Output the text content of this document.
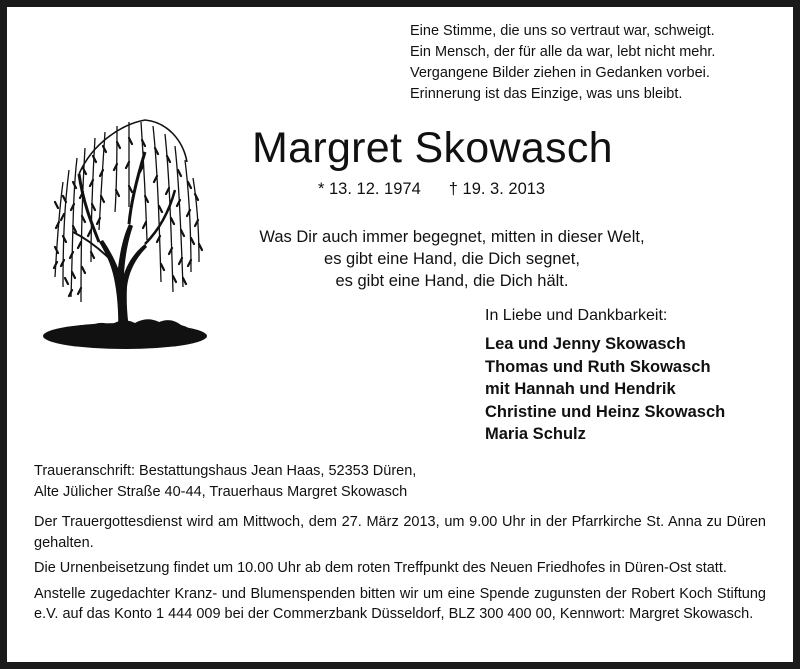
Eine Stimme, die uns so vertraut war, schweigt.
Ein Mensch, der für alle da war, lebt nicht mehr.
Vergangene Bilder ziehen in Gedanken vorbei.
Erinnerung ist das Einzige, was uns bleibt.
Margret Skowasch
* 13. 12. 1974 † 19. 3. 2013
Was Dir auch immer begegnet, mitten in dieser Welt,
es gibt eine Hand, die Dich segnet,
es gibt eine Hand, die Dich hält.
In Liebe und Dankbarkeit:
Lea und Jenny Skowasch
Thomas und Ruth Skowasch
mit Hannah und Hendrik
Christine und Heinz Skowasch
Maria Schulz
Traueranschrift: Bestattungshaus Jean Haas, 52353 Düren,
Alte Jülicher Straße 40-44, Trauerhaus Margret Skowasch

Der Trauergottesdienst wird am Mittwoch, dem 27. März 2013, um 9.00 Uhr in der Pfarrkirche St. Anna zu Düren gehalten.

Die Urnenbeisetzung findet um 10.00 Uhr ab dem roten Treffpunkt des Neuen Friedhofes in Düren-Ost statt.

Anstelle zugedachter Kranz- und Blumenspenden bitten wir um eine Spende zugunsten der Robert Koch Stiftung e.V. auf das Konto 1 444 009 bei der Commerzbank Düsseldorf, BLZ 300 400 00, Kennwort: Margret Skowasch.
